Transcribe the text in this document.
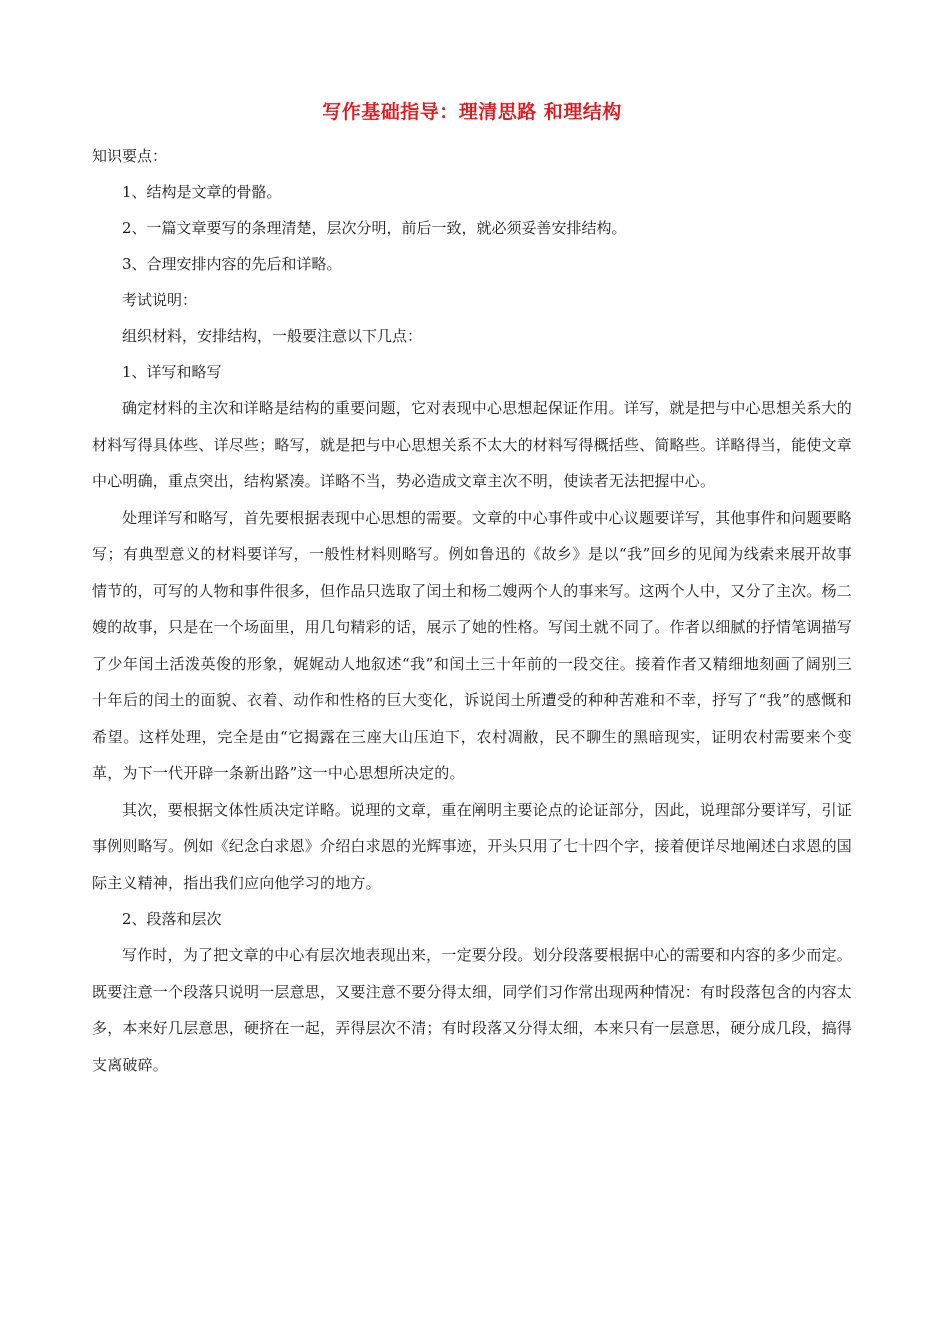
写作基础指导：理清思路 和理结构

知识要点：

1、结构是文章的骨骼。

2、一篇文章要写的条理清楚，层次分明，前后一致，就必须妥善安排结构。

3、合理安排内容的先后和详略。

考试说明：

组织材料，安排结构，一般要注意以下几点：

1、详写和略写

确定材料的主次和详略是结构的重要问题，它对表现中心思想起保证作用。详写，就是把与中心思想关系大的材料写得具体些、详尽些；略写，就是把与中心思想关系不太大的材料写得概括些、简略些。详略得当，能使文章中心明确，重点突出，结构紧凑。详略不当，势必造成文章主次不明，使读者无法把握中心。

处理详写和略写，首先要根据表现中心思想的需要。文章的中心事件或中心议题要详写，其他事件和问题要略写；有典型意义的材料要详写，一般性材料则略写。例如鲁迅的《故乡》是以“我”回乡的见闻为线索来展开故事情节的，可写的人物和事件很多，但作品只选取了闰土和杨二嫂两个人的事来写。这两个人中，又分了主次。杨二嫂的故事，只是在一个场面里，用几句精彩的话，展示了她的性格。写闰土就不同了。作者以细腻的抒情笔调描写了少年闰土活泼英俊的形象，娓娓动人地叙述“我”和闰土三十年前的一段交往。接着作者又精细地刻画了阔别三十年后的闰土的面貌、衣着、动作和性格的巨大变化，诉说闰土所遭受的种种苦难和不幸，抒写了“我”的感慨和希望。这样处理，完全是由“它揭露在三座大山压迫下，农村凋敝，民不聊生的黑暗现实，证明农村需要来个变革，为下一代开辟一条新出路”这一中心思想所决定的。

其次，要根据文体性质决定详略。说理的文章，重在阐明主要论点的论证部分，因此，说理部分要详写，引证事例则略写。例如《纪念白求恩》介绍白求恩的光辉事迹，开头只用了七十四个字，接着便详尽地阐述白求恩的国际主义精神，指出我们应向他学习的地方。

2、段落和层次

写作时，为了把文章的中心有层次地表现出来，一定要分段。划分段落要根据中心的需要和内容的多少而定。既要注意一个段落只说明一层意思，又要注意不要分得太细，同学们习作常出现两种情况：有时段落包含的内容太多，本来好几层意思，硬挤在一起，弄得层次不清；有时段落又分得太细，本来只有一层意思，硬分成几段，搞得支离破碎。
